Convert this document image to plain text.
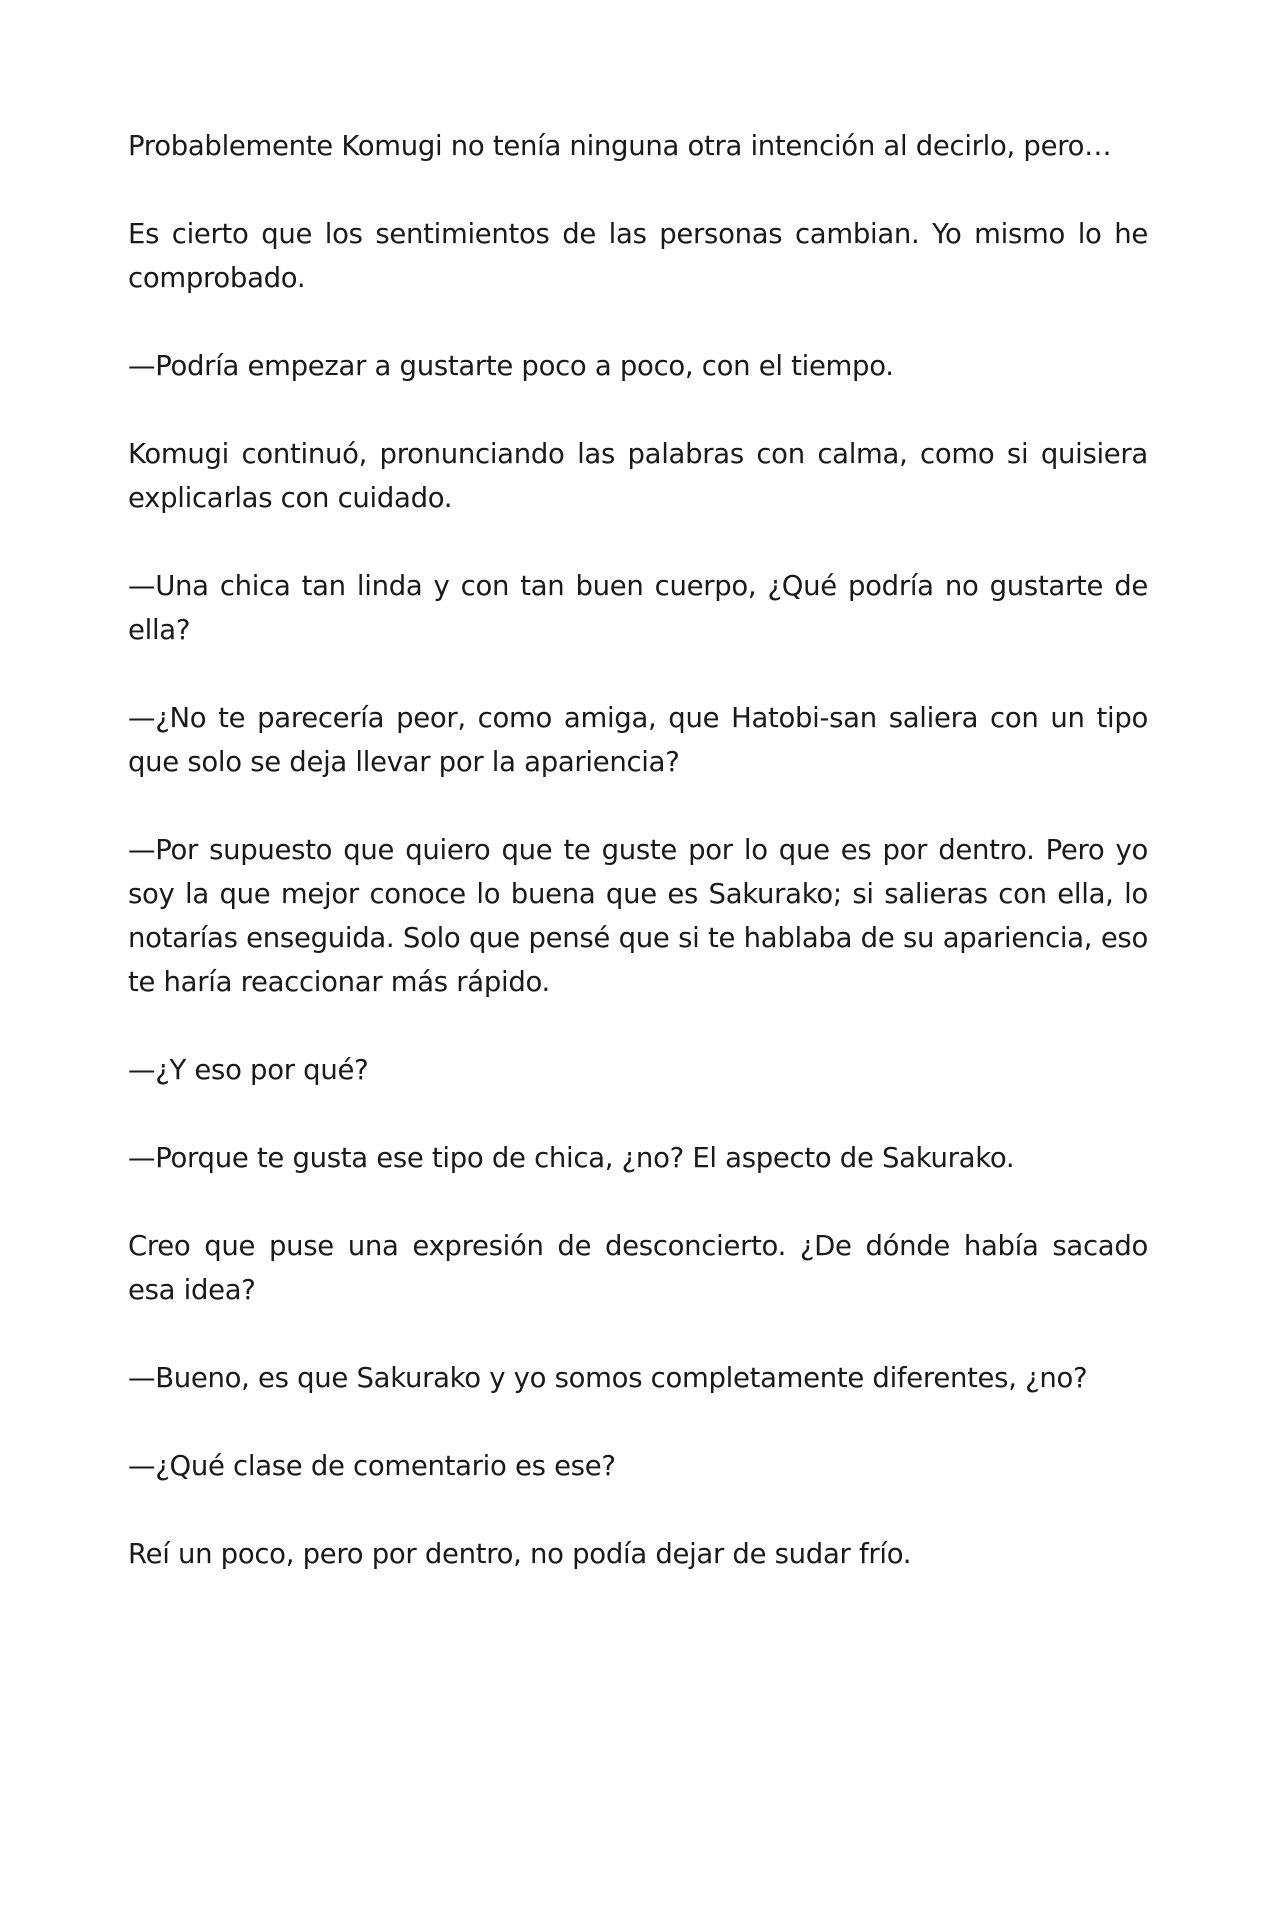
Probablemente Komugi no tenía ninguna otra intención al decirlo, pero…

Es cierto que los sentimientos de las personas cambian. Yo mismo lo he comprobado.

—Podría empezar a gustarte poco a poco, con el tiempo.

Komugi continuó, pronunciando las palabras con calma, como si quisiera explicarlas con cuidado.

—Una chica tan linda y con tan buen cuerpo, ¿Qué podría no gustarte de ella?

—¿No te parecería peor, como amiga, que Hatobi-san saliera con un tipo que solo se deja llevar por la apariencia?

—Por supuesto que quiero que te guste por lo que es por dentro. Pero yo soy la que mejor conoce lo buena que es Sakurako; si salieras con ella, lo notarías enseguida. Solo que pensé que si te hablaba de su apariencia, eso te haría reaccionar más rápido.

—¿Y eso por qué?

—Porque te gusta ese tipo de chica, ¿no? El aspecto de Sakurako.

Creo que puse una expresión de desconcierto. ¿De dónde había sacado esa idea?

—Bueno, es que Sakurako y yo somos completamente diferentes, ¿no?

—¿Qué clase de comentario es ese?

Reí un poco, pero por dentro, no podía dejar de sudar frío.
